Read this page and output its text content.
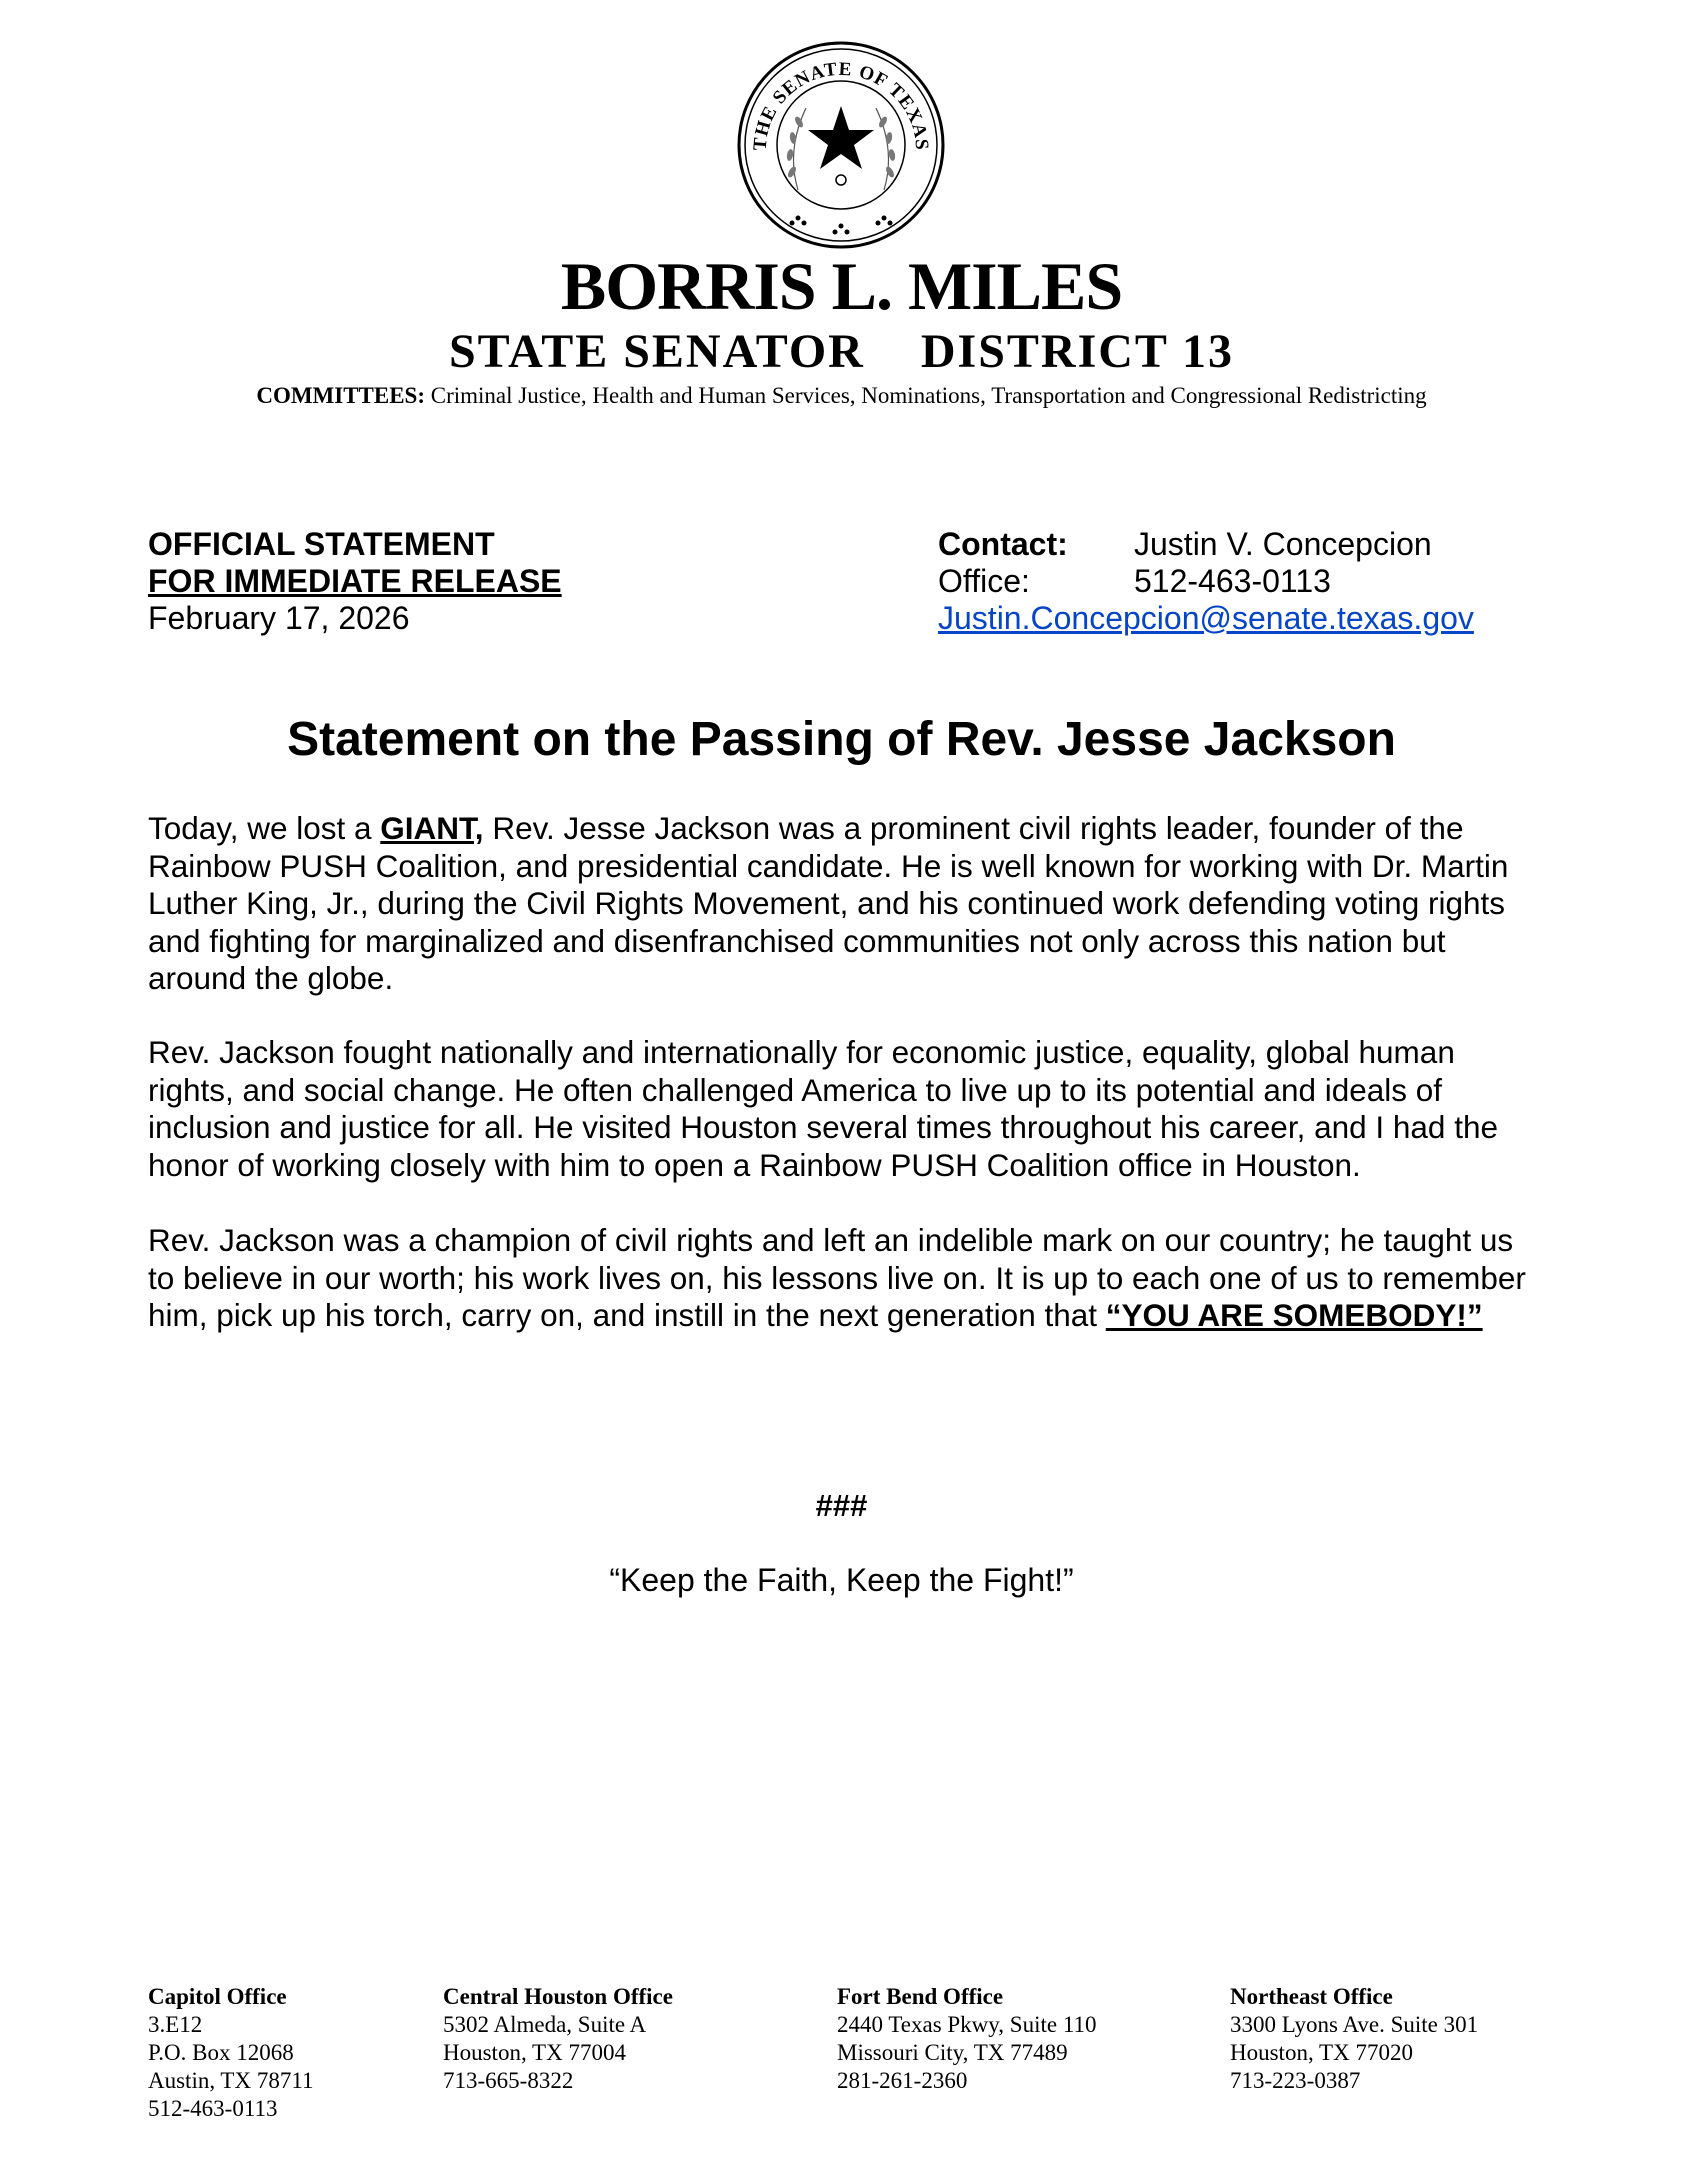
THE SENATE OF TEXAS
BORRIS L. MILES
STATE SENATOR    DISTRICT 13
COMMITTEES: Criminal Justice, Health and Human Services, Nominations, Transportation and Congressional Redistricting
OFFICIAL STATEMENT
FOR IMMEDIATE RELEASE
February 17, 2026
Contact:	Justin V. Concepcion
Office:	512-463-0113
Justin.Concepcion@senate.texas.gov
Statement on the Passing of Rev. Jesse Jackson
Today, we lost a GIANT, Rev. Jesse Jackson was a prominent civil rights leader, founder of the Rainbow PUSH Coalition, and presidential candidate. He is well known for working with Dr. Martin Luther King, Jr., during the Civil Rights Movement, and his continued work defending voting rights and fighting for marginalized and disenfranchised communities not only across this nation but around the globe.
Rev. Jackson fought nationally and internationally for economic justice, equality, global human rights, and social change. He often challenged America to live up to its potential and ideals of inclusion and justice for all. He visited Houston several times throughout his career, and I had the honor of working closely with him to open a Rainbow PUSH Coalition office in Houston.
Rev. Jackson was a champion of civil rights and left an indelible mark on our country; he taught us to believe in our worth; his work lives on, his lessons live on. It is up to each one of us to remember him, pick up his torch, carry on, and instill in the next generation that “YOU ARE SOMEBODY!”
###
“Keep the Faith, Keep the Fight!”
Capitol Office
3.E12
P.O. Box 12068
Austin, TX 78711
512-463-0113
Central Houston Office
5302 Almeda, Suite A
Houston, TX 77004
713-665-8322
Fort Bend Office
2440 Texas Pkwy, Suite 110
Missouri City, TX 77489
281-261-2360
Northeast Office
3300 Lyons Ave. Suite 301
Houston, TX 77020
713-223-0387
